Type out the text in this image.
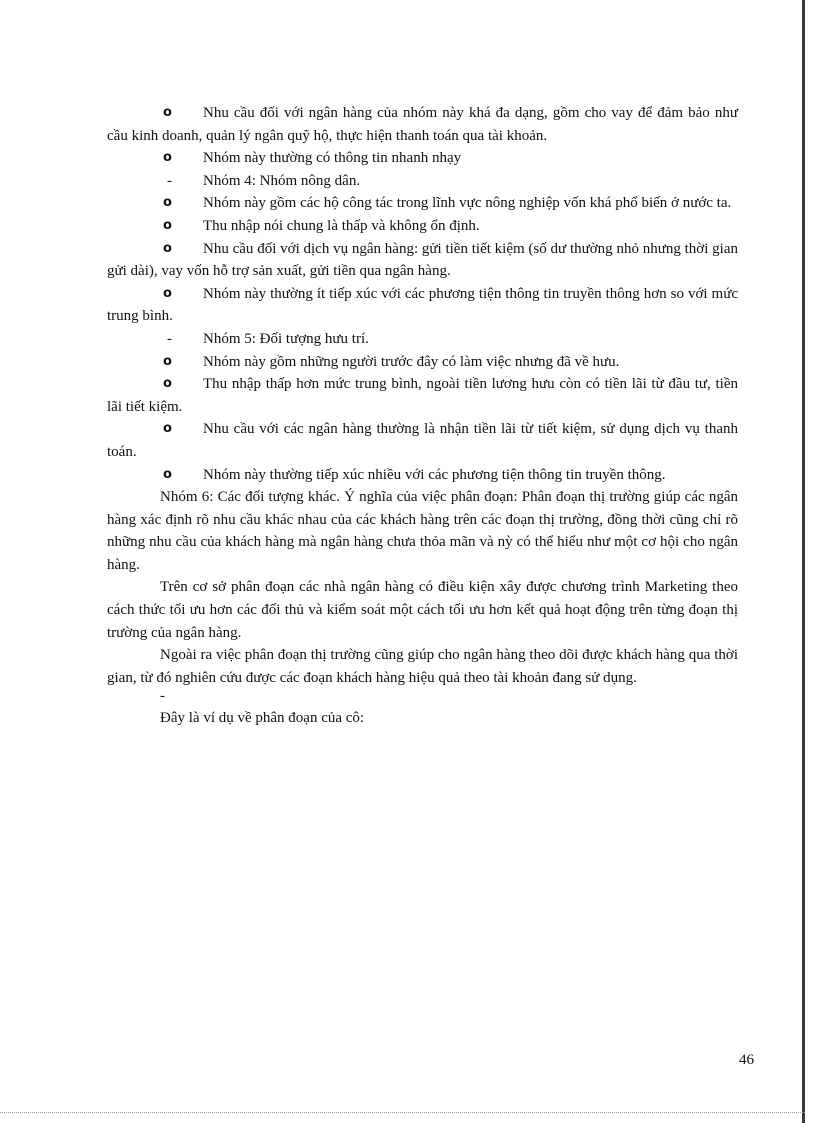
o Nhu cầu đối với ngân hàng của nhóm này khá đa dạng, gồm cho vay để đảm bảo như cầu kinh doanh, quản lý ngân quỹ hộ, thực hiện thanh toán qua tài khoản.

o Nhóm này thường có thông tin nhanh nhạy

- Nhóm 4: Nhóm nông dân.

o Nhóm này gồm các hộ công tác trong lĩnh vực nông nghiệp vốn khá phổ biến ở nước ta.

o Thu nhập nói chung là thấp và không ổn định.

o Nhu cầu đối với dịch vụ ngân hàng: gửi tiền tiết kiệm (số dư thường nhỏ nhưng thời gian gửi dài), vay vốn hỗ trợ sản xuất, gửi tiền qua ngân hàng.

o Nhóm này thường ít tiếp xúc với các phương tiện thông tin truyền thông hơn so với mức trung bình.

- Nhóm 5: Đối tượng hưu trí.

o Nhóm này gồm những người trước đây có làm việc nhưng đã về hưu.

o Thu nhập thấp hơn mức trung bình, ngoài tiền lương hưu còn có tiền lãi từ đầu tư, tiền lãi tiết kiệm.

o Nhu cầu với các ngân hàng thường là nhận tiền lãi từ tiết kiệm, sử dụng dịch vụ thanh toán.

o Nhóm này thường tiếp xúc nhiều với các phương tiện thông tin truyền thông.

Nhóm 6: Các đối tượng khác. Ý nghĩa của việc phân đoạn: Phân đoạn thị trường giúp các ngân hàng xác định rõ nhu cầu khác nhau của các khách hàng trên các đoạn thị trường, đồng thời cũng chỉ rõ những nhu cầu của khách hàng mà ngân hàng chưa thỏa mãn và nỳ có thể hiểu như một cơ hội cho ngân hàng.

Trên cơ sở phân đoạn các nhà ngân hàng có điều kiện xây được chương trình Marketing theo cách thức tối ưu hơn các đối thủ và kiểm soát một cách tối ưu hơn kết quả hoạt động trên từng đoạn thị trường của ngân hàng.

Ngoài ra việc phân đoạn thị trường cũng giúp cho ngân hàng theo dõi được khách hàng qua thời gian, từ đó nghiên cứu được các đoạn khách hàng hiệu quả theo tài khoản đang sử dụng.

-

Đây là ví dụ về phân đoạn của cô:

46
